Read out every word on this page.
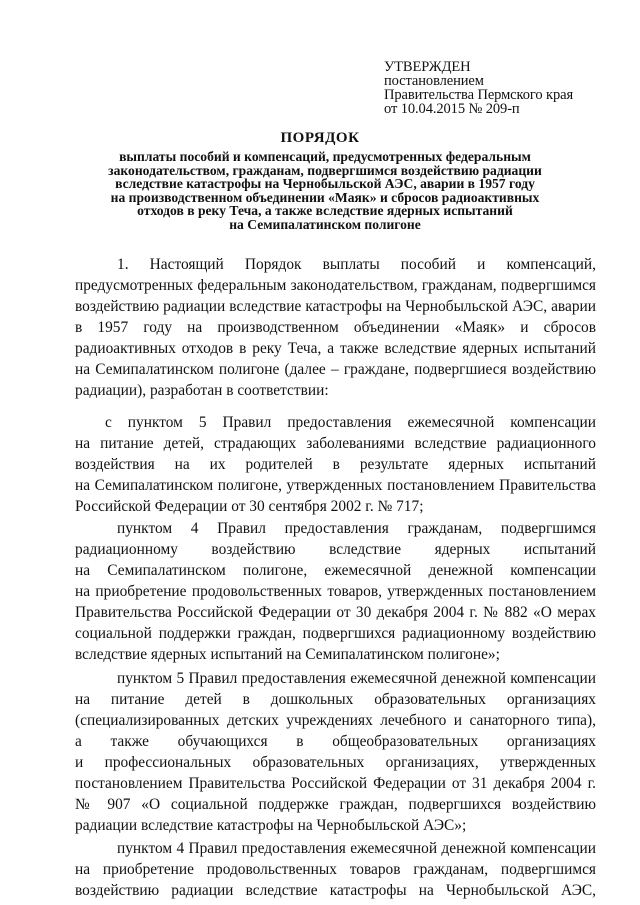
УТВЕРЖДЕН
постановлением
Правительства Пермского края
от 10.04.2015 № 209-п
ПОРЯДОК
выплаты пособий и компенсаций, предусмотренных федеральным
законодательством, гражданам, подвергшимся воздействию радиации
вследствие катастрофы на Чернобыльской АЭС, аварии в 1957 году
на производственном объединении «Маяк» и сбросов радиоактивных
отходов в реку Теча, а также вследствие ядерных испытаний
на Семипалатинском полигоне
1. Настоящий Порядок выплаты пособий и компенсаций,
предусмотренных федеральным законодательством, гражданам, подвергшимся
воздействию радиации вследствие катастрофы на Чернобыльской АЭС, аварии
в 1957 году на производственном объединении «Маяк» и сбросов
радиоактивных отходов в реку Теча, а также вследствие ядерных испытаний
на Семипалатинском полигоне (далее – граждане, подвергшиеся воздействию
радиации), разработан в соответствии:
с пунктом 5 Правил предоставления ежемесячной компенсации
на питание детей, страдающих заболеваниями вследствие радиационного
воздействия на их родителей в результате ядерных испытаний
на Семипалатинском полигоне, утвержденных постановлением Правительства
Российской Федерации от 30 сентября 2002 г. № 717;
пунктом 4 Правил предоставления гражданам, подвергшимся
радиационному воздействию вследствие ядерных испытаний
на Семипалатинском полигоне, ежемесячной денежной компенсации
на приобретение продовольственных товаров, утвержденных постановлением
Правительства Российской Федерации от 30 декабря 2004 г. № 882 «О мерах
социальной поддержки граждан, подвергшихся радиационному воздействию
вследствие ядерных испытаний на Семипалатинском полигоне»;
пунктом 5 Правил предоставления ежемесячной денежной компенсации
на питание детей в дошкольных образовательных организациях
(специализированных детских учреждениях лечебного и санаторного типа),
а также обучающихся в общеобразовательных организациях
и профессиональных образовательных организациях, утвержденных
постановлением Правительства Российской Федерации от 31 декабря 2004 г.
№ 907 «О социальной поддержке граждан, подвергшихся воздействию
радиации вследствие катастрофы на Чернобыльской АЭС»;
пунктом 4 Правил предоставления ежемесячной денежной компенсации
на приобретение продовольственных товаров гражданам, подвергшимся
воздействию радиации вследствие катастрофы на Чернобыльской АЭС,
